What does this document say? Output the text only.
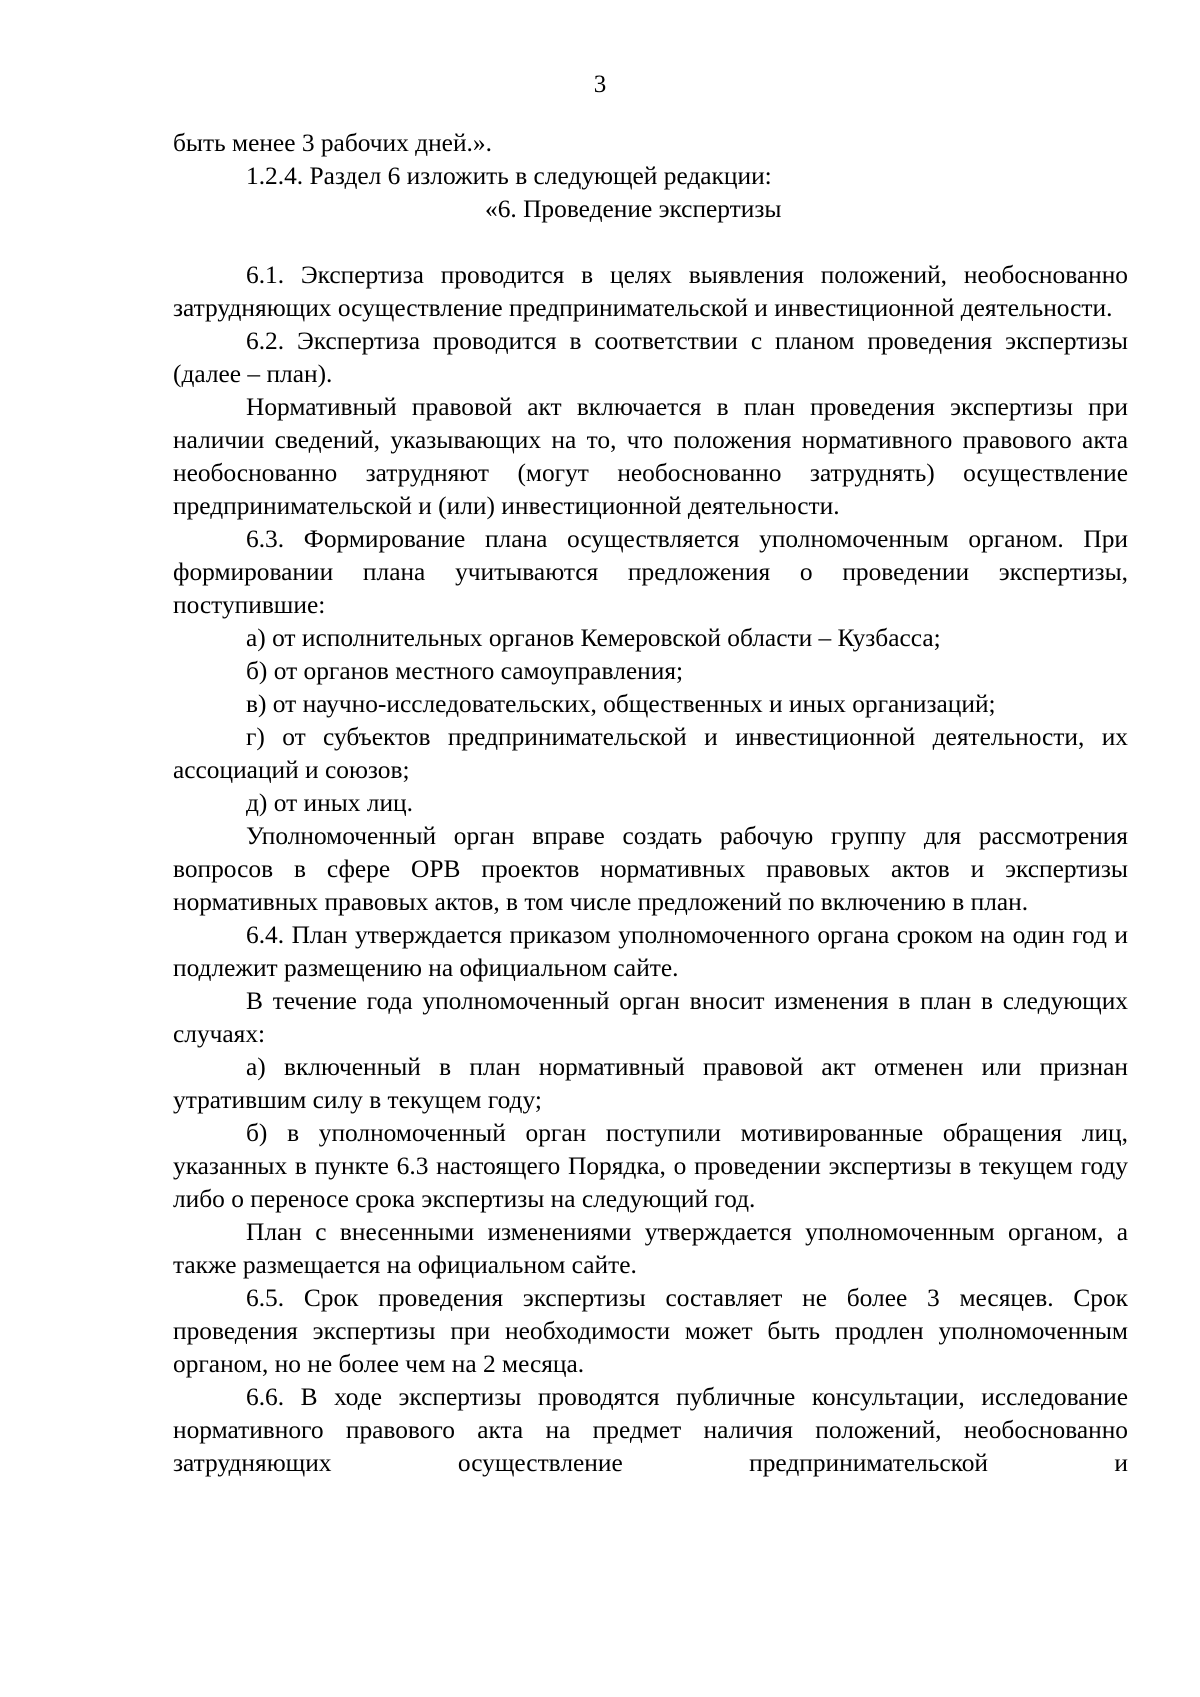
3

быть менее 3 рабочих дней.».

1.2.4. Раздел 6 изложить в следующей редакции:

«6. Проведение экспертизы

6.1. Экспертиза проводится в целях выявления положений, необоснованно затрудняющих осуществление предпринимательской и инвестиционной деятельности.

6.2. Экспертиза проводится в соответствии с планом проведения экспертизы (далее – план).

Нормативный правовой акт включается в план проведения экспертизы при наличии сведений, указывающих на то, что положения нормативного правового акта необоснованно затрудняют (могут необоснованно затруднять) осуществление предпринимательской и (или) инвестиционной деятельности.

6.3. Формирование плана осуществляется уполномоченным органом. При формировании плана учитываются предложения о проведении экспертизы, поступившие:

а) от исполнительных органов Кемеровской области – Кузбасса;

б) от органов местного самоуправления;

в) от научно-исследовательских, общественных и иных организаций;

г) от субъектов предпринимательской и инвестиционной деятельности, их ассоциаций и союзов;

д) от иных лиц.

Уполномоченный орган вправе создать рабочую группу для рассмотрения вопросов в сфере ОРВ проектов нормативных правовых актов и экспертизы нормативных правовых актов, в том числе предложений по включению в план.

6.4. План утверждается приказом уполномоченного органа сроком на один год и подлежит размещению на официальном сайте.

В течение года уполномоченный орган вносит изменения в план в следующих случаях:

а) включенный в план нормативный правовой акт отменен или признан утратившим силу в текущем году;

б) в уполномоченный орган поступили мотивированные обращения лиц, указанных в пункте 6.3 настоящего Порядка, о проведении экспертизы в текущем году либо о переносе срока экспертизы на следующий год.

План с внесенными изменениями утверждается уполномоченным органом, а также размещается на официальном сайте.

6.5. Срок проведения экспертизы составляет не более 3 месяцев. Срок проведения экспертизы при необходимости может быть продлен уполномоченным органом, но не более чем на 2 месяца.

6.6. В ходе экспертизы проводятся публичные консультации, исследование нормативного правового акта на предмет наличия положений, необоснованно затрудняющих осуществление предпринимательской и
